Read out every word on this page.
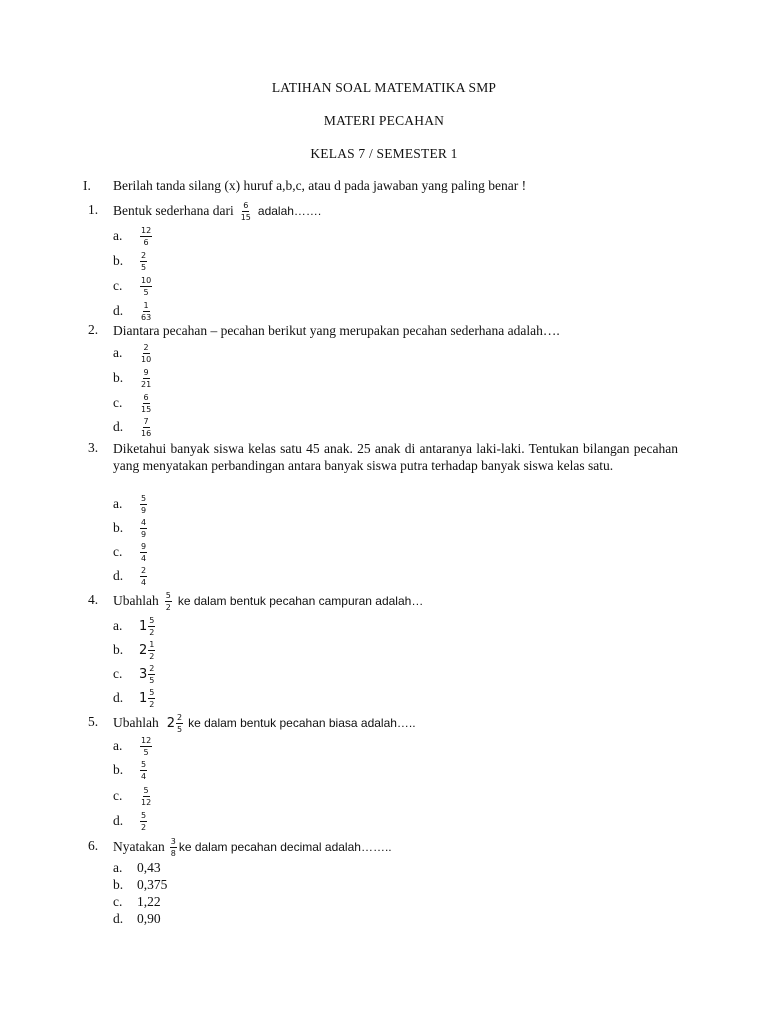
LATIHAN SOAL MATEMATIKA SMP
MATERI PECAHAN
KELAS 7 / SEMESTER 1
I. Berilah tanda silang (x) huruf a,b,c, atau d pada jawaban yang paling benar !
1.	Bentuk sederhana dari $\frac{6}{15}$ adalah…….
a.	$\frac{12}{6}$
b.	$\frac{2}{5}$
c.	$\frac{10}{5}$
d.	$\frac{1}{63}$
2.	Diantara pecahan – pecahan berikut yang merupakan pecahan sederhana adalah….
a.	$\frac{2}{10}$
b.	$\frac{9}{21}$
c.	$\frac{6}{15}$
d.	$\frac{7}{16}$
3.	Diketahui banyak siswa kelas satu 45 anak. 25 anak di antaranya laki-laki. Tentukan bilangan pecahan yang menyatakan perbandingan antara banyak siswa putra terhadap banyak siswa kelas satu.
a.	$\frac{5}{9}$
b.	$\frac{4}{9}$
c.	$\frac{9}{4}$
d.	$\frac{2}{4}$
4.	Ubahlah $\frac{5}{2}$ ke dalam bentuk pecahan campuran adalah…
a.	$1 \frac{5}{2}$
b.	$2 \frac{1}{2}$
c.	$3 \frac{2}{5}$
d.	$1 \frac{5}{2}$
5.	Ubahlah $2 \frac{2}{5}$ ke dalam bentuk pecahan biasa adalah…..
a.	$\frac{12}{5}$
b.	$\frac{5}{4}$
c.	$\frac{5}{12}$
d.	$\frac{5}{2}$
6.	Nyatakan $\frac{3}{8}$ ke dalam pecahan decimal adalah……..
a.	0,43
b.	0,375
c.	1,22
d.	0,90
